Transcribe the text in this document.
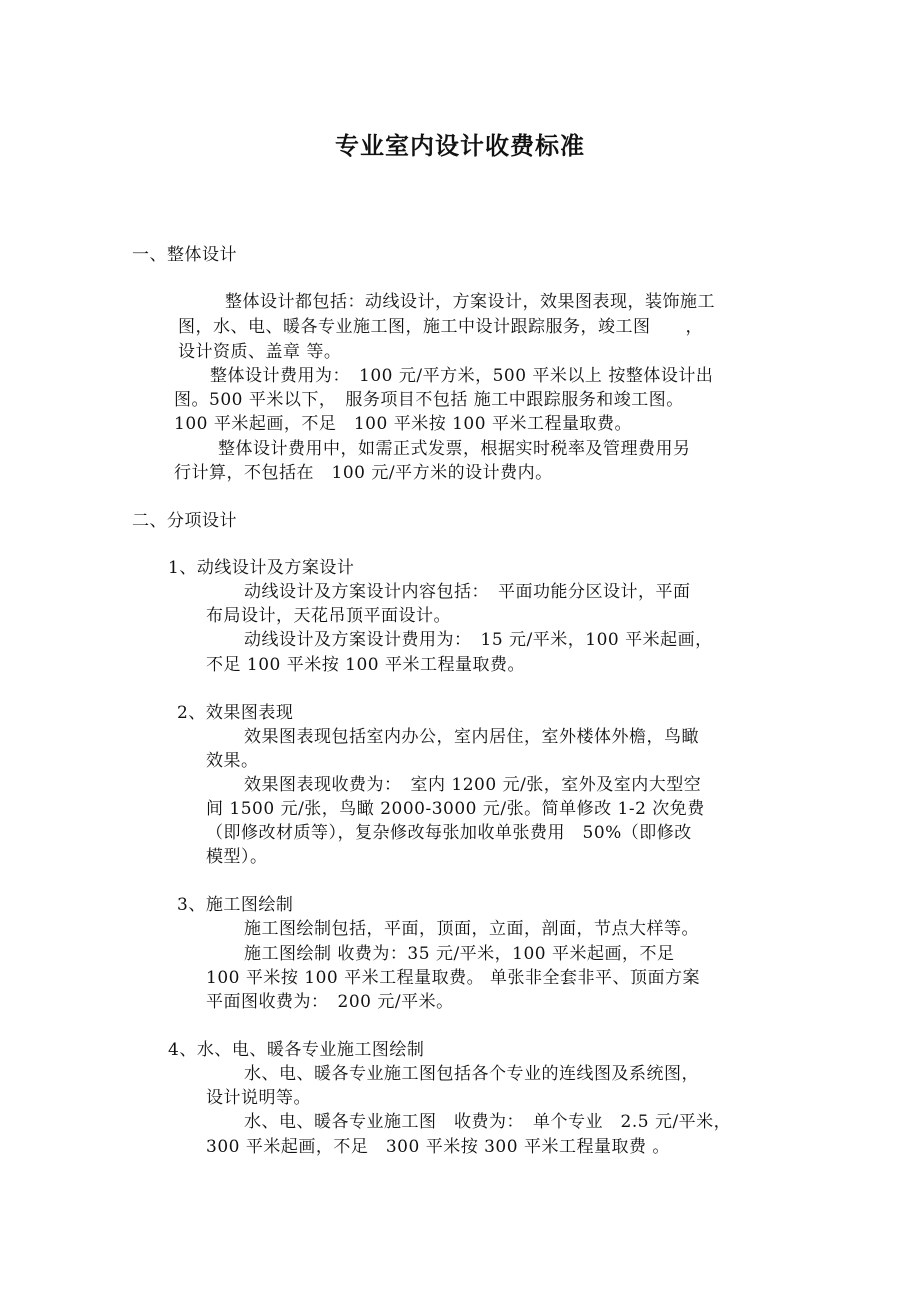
专业室内设计收费标准

一、整体设计

整体设计都包括：动线设计，方案设计，效果图表现，装饰施工

图，水、电、暖各专业施工图，施工中设计跟踪服务，竣工图　　，

设计资质、盖章 等。

整体设计费用为：　100 元/平方米，500 平米以上 按整体设计出

图。500 平米以下，　服务项目不包括 施工中跟踪服务和竣工图。

100 平米起画，不足　100 平米按 100 平米工程量取费。

整体设计费用中，如需正式发票，根据实时税率及管理费用另

行计算，不包括在　100 元/平方米的设计费内。

二、分项设计

1、动线设计及方案设计

动线设计及方案设计内容包括：　平面功能分区设计，平面

布局设计，天花吊顶平面设计。

动线设计及方案设计费用为：　15 元/平米，100 平米起画，

不足 100 平米按 100 平米工程量取费。

2、效果图表现

效果图表现包括室内办公，室内居住，室外楼体外檐，鸟瞰

效果。

效果图表现收费为：　室内 1200 元/张，室外及室内大型空

间 1500 元/张，鸟瞰 2000-3000 元/张。简单修改 1-2 次免费

（即修改材质等），复杂修改每张加收单张费用　50%（即修改

模型）。

3、施工图绘制

施工图绘制包括，平面，顶面，立面，剖面，节点大样等。

施工图绘制 收费为：35 元/平米，100 平米起画，不足

100 平米按 100 平米工程量取费。 单张非全套非平、顶面方案

平面图收费为：　200 元/平米。

4、水、电、暖各专业施工图绘制

水、电、暖各专业施工图包括各个专业的连线图及系统图，

设计说明等。

水、电、暖各专业施工图　收费为：　单个专业　2.5 元/平米，

300 平米起画，不足　300 平米按 300 平米工程量取费 。
